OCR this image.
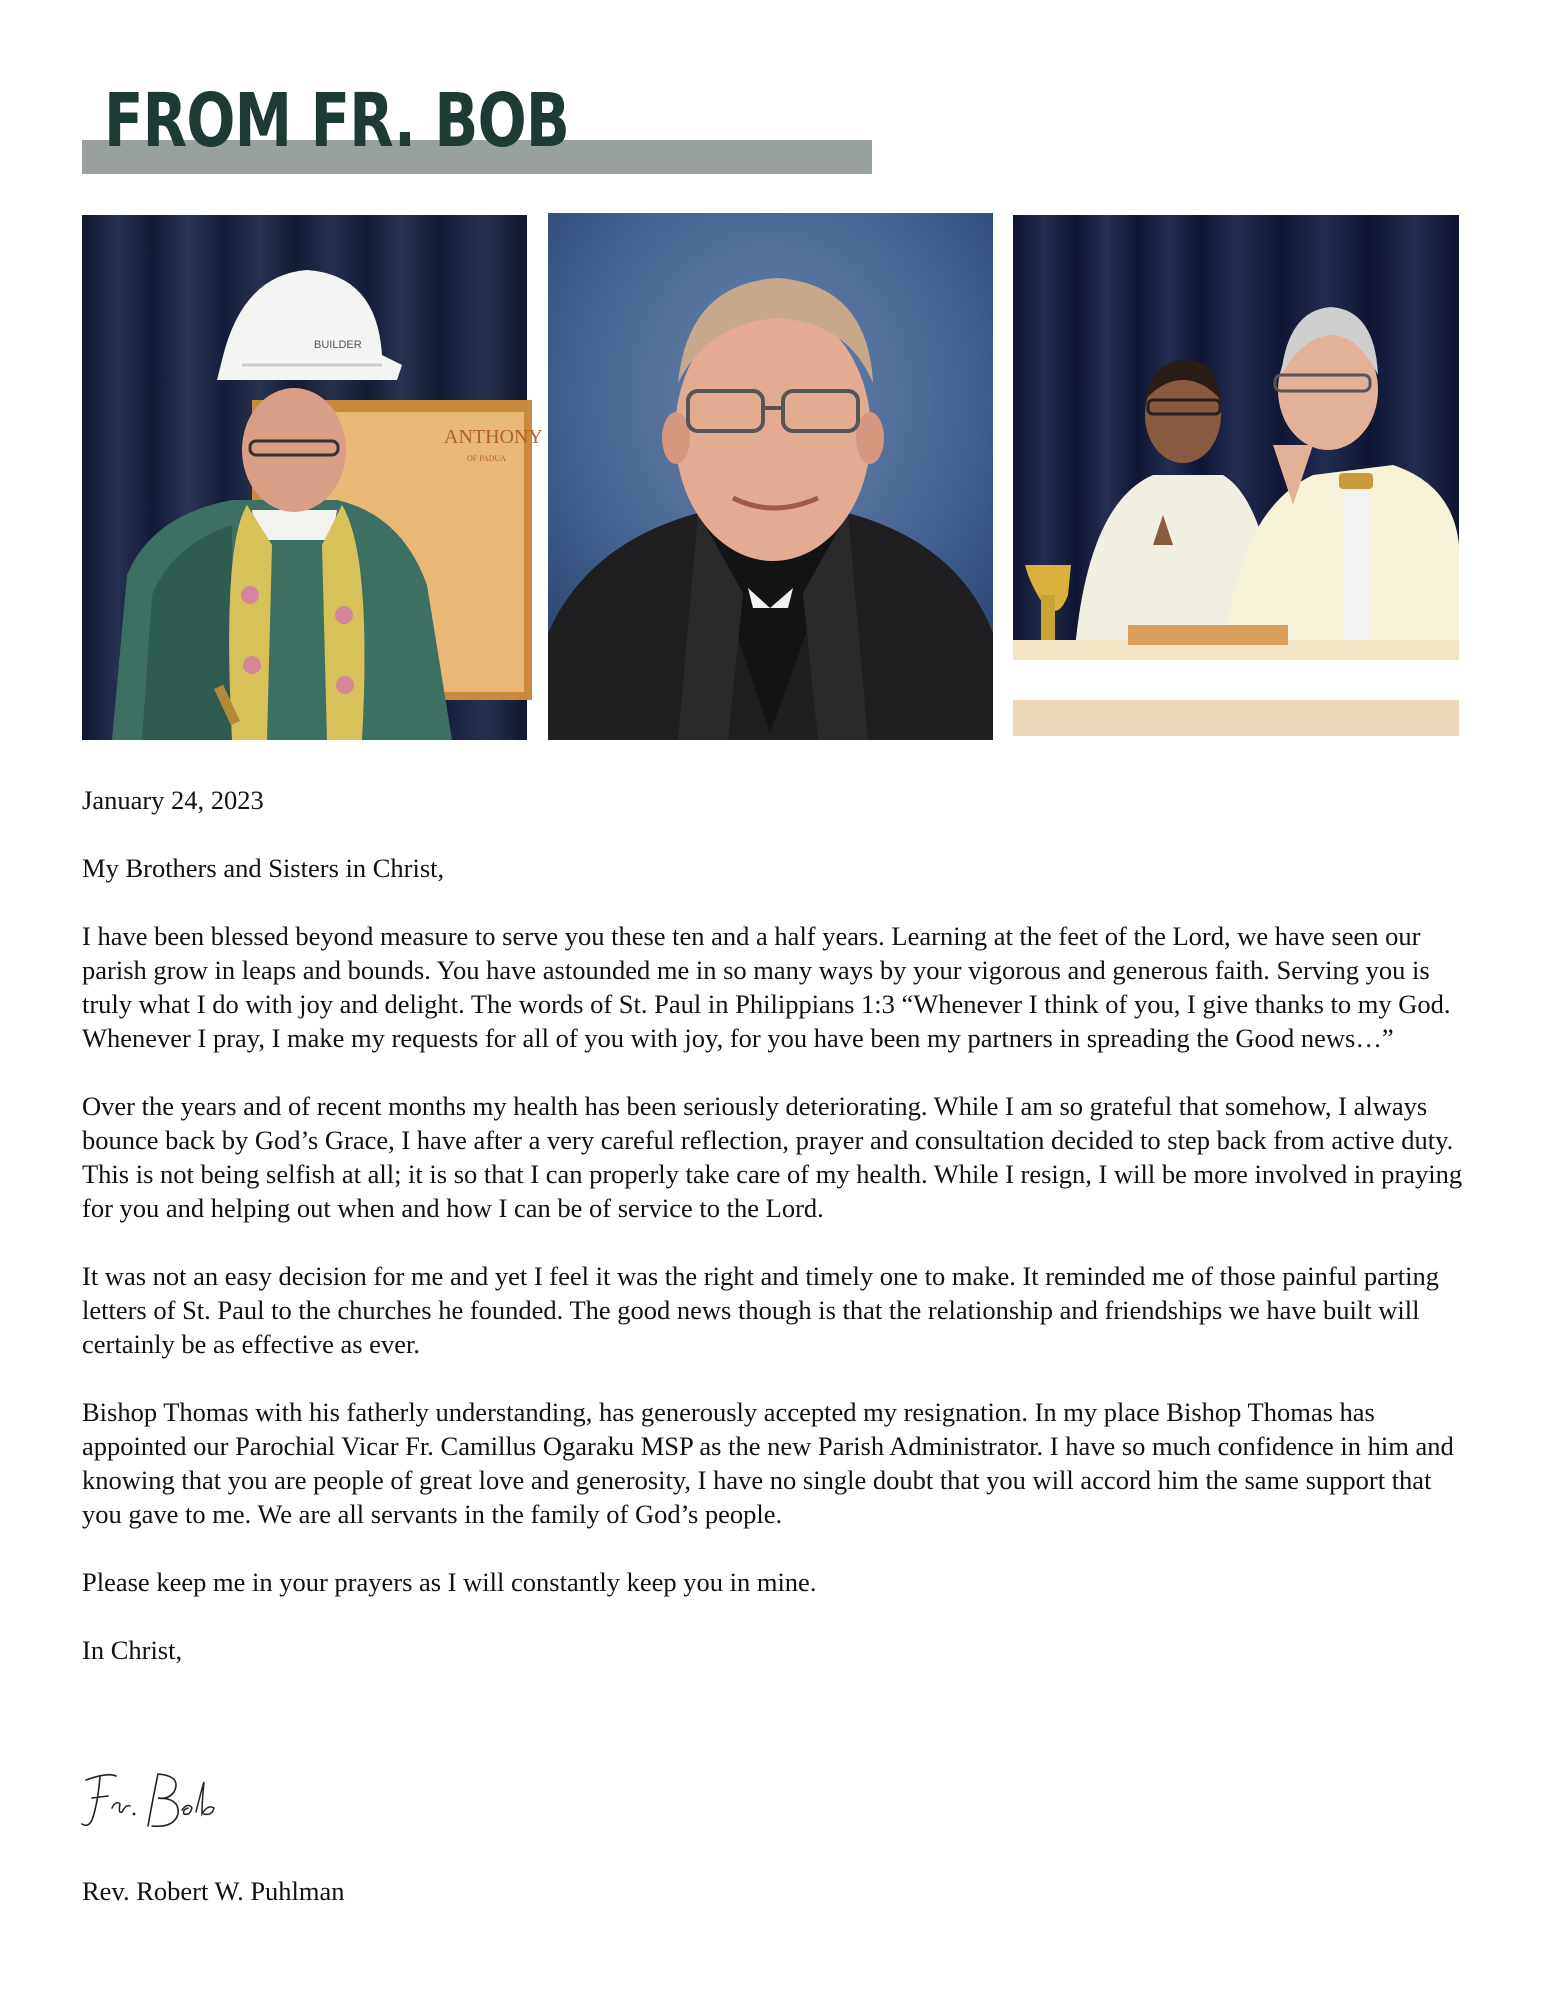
FROM FR. BOB
ANTHONY
OF PADUA
BUILDER

January 24, 2023

My Brothers and Sisters in Christ,

I have been blessed beyond measure to serve you these ten and a half years. Learning at the feet of the Lord, we have seen our parish grow in leaps and bounds. You have astounded me in so many ways by your vigorous and generous faith. Serving you is truly what I do with joy and delight. The words of St. Paul in Philippians 1:3 “Whenever I think of you, I give thanks to my God. Whenever I pray, I make my requests for all of you with joy, for you have been my partners in spreading the Good news…”

Over the years and of recent months my health has been seriously deteriorating. While I am so grateful that somehow, I always bounce back by God’s Grace, I have after a very careful reflection, prayer and consultation decided to step back from active duty. This is not being selfish at all; it is so that I can properly take care of my health. While I resign, I will be more involved in praying for you and helping out when and how I can be of service to the Lord.

It was not an easy decision for me and yet I feel it was the right and timely one to make. It reminded me of those painful parting letters of St. Paul to the churches he founded. The good news though is that the relationship and friendships we have built will certainly be as effective as ever.

Bishop Thomas with his fatherly understanding, has generously accepted my resignation. In my place Bishop Thomas has appointed our Parochial Vicar Fr. Camillus Ogaraku MSP as the new Parish Administrator. I have so much confidence in him and knowing that you are people of great love and generosity, I have no single doubt that you will accord him the same support that you gave to me. We are all servants in the family of God’s people.

Please keep me in your prayers as I will constantly keep you in mine.

In Christ,

Rev. Robert W. Puhlman
